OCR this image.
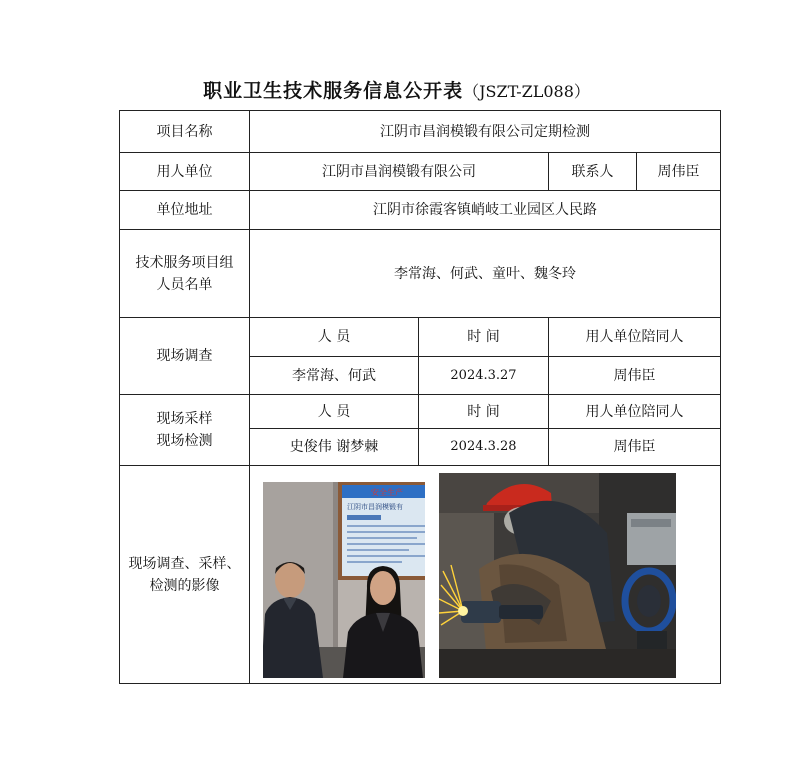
职业卫生技术服务信息公开表（JSZT-ZL088）
项目名称	江阴市昌润模锻有限公司定期检测			
用人单位	江阴市昌润模锻有限公司		联系人	周伟臣
单位地址	江阴市徐霞客镇峭岐工业园区人民路			

技术服务项目组
人员名单	李常海、何武、童叶、魏冬玲			
现场调查	人 员	时 间	用人单位陪同人	
	李常海、何武	2024.3.27	周伟臣	

现场采样
现场检测	人 员	时 间	用人单位陪同人	
	史俊伟 谢梦棘	2024.3.28	周伟臣	

现场调查、采样、
检测的影像				

安全生产
江阴市昌润模锻有
